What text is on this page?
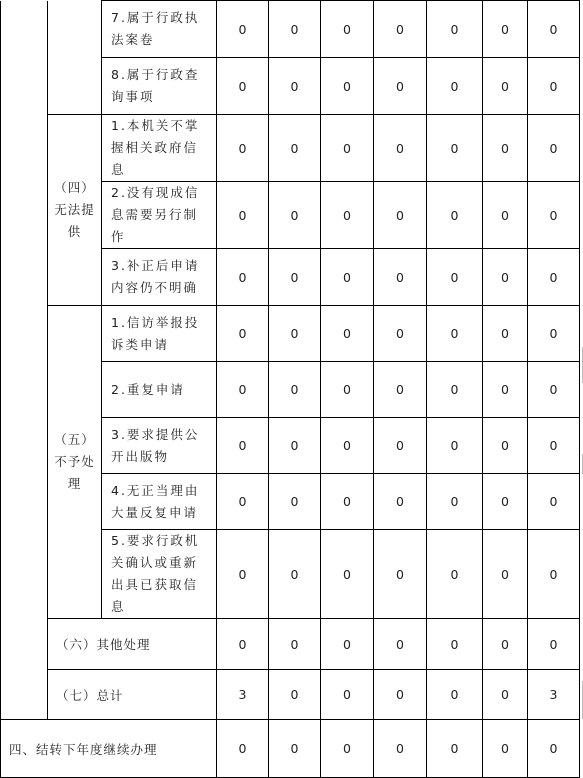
		7.属于行政执法案卷	0	0	0	0	0	0	0
		8.属于行政查询事项	0	0	0	0	0	0	0
	（四）无法提供	1.本机关不掌握相关政府信息	0	0	0	0	0	0	0
		2.没有现成信息需要另行制作	0	0	0	0	0	0	0
		3.补正后申请内容仍不明确	0	0	0	0	0	0	0
	（五）不予处理	1.信访举报投诉类申请	0	0	0	0	0	0	0
		2.重复申请	0	0	0	0	0	0	0
		3.要求提供公开出版物	0	0	0	0	0	0	0
		4.无正当理由大量反复申请	0	0	0	0	0	0	0
		5.要求行政机关确认或重新出具已获取信息	0	0	0	0	0	0	0
	（六）其他处理		0	0	0	0	0	0	0
	（七）总计		3	0	0	0	0	0	3
四、结转下年度继续办理			0	0	0	0	0	0	0
